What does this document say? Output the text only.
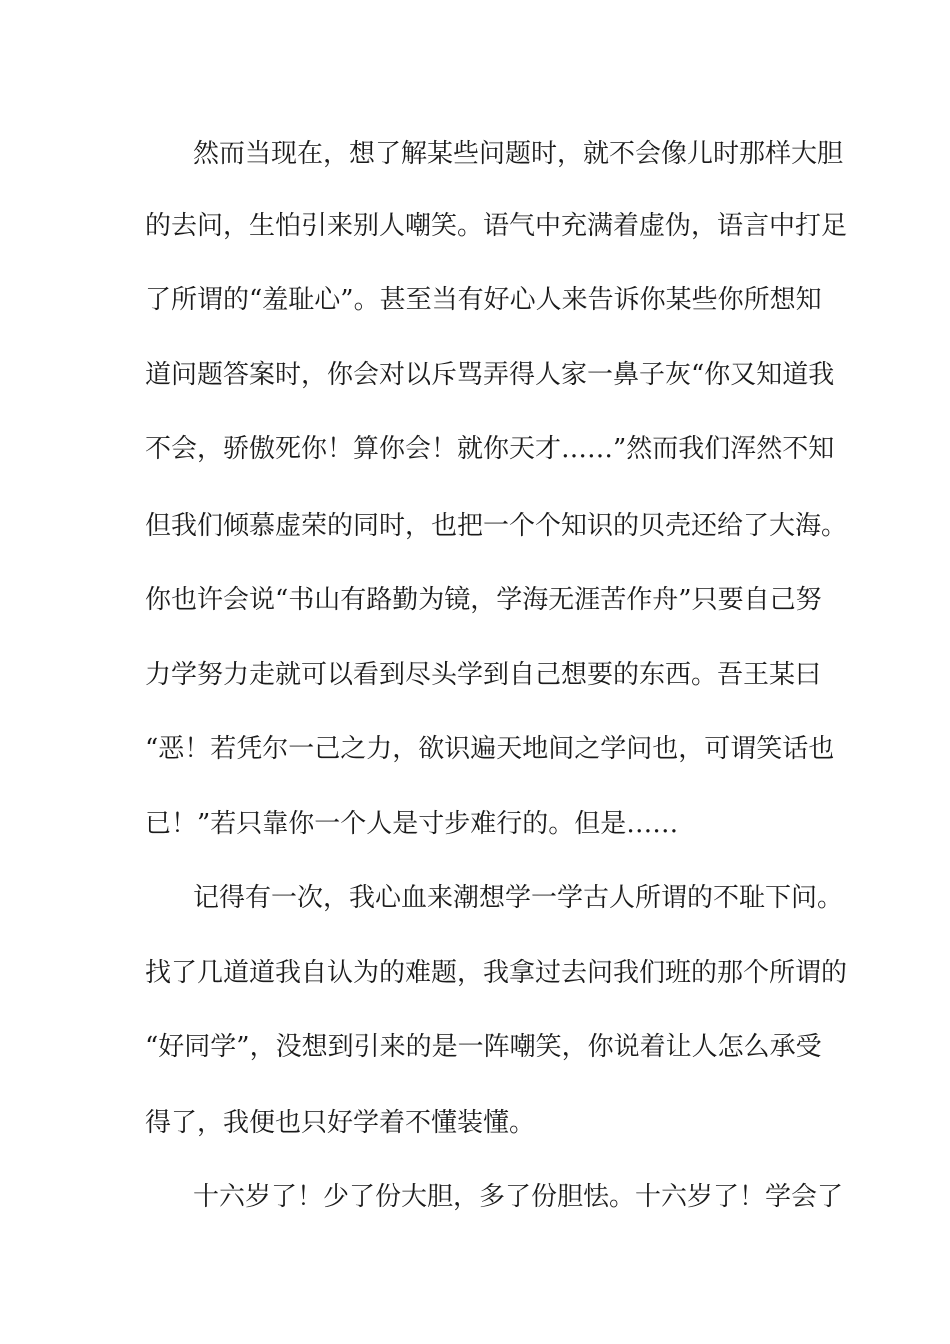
然而当现在，想了解某些问题时，就不会像儿时那样大胆
的去问，生怕引来别人嘲笑。语气中充满着虚伪，语言中打足
了所谓的“羞耻心”。甚至当有好心人来告诉你某些你所想知
道问题答案时，你会对以斥骂弄得人家一鼻子灰“你又知道我
不会，骄傲死你！算你会！就你天才……”然而我们浑然不知
但我们倾慕虚荣的同时，也把一个个知识的贝壳还给了大海。
你也许会说“书山有路勤为镜，学海无涯苦作舟”只要自己努
力学努力走就可以看到尽头学到自己想要的东西。吾王某曰
“恶！若凭尔一己之力，欲识遍天地间之学问也，可谓笑话也
已！”若只靠你一个人是寸步难行的。但是……
记得有一次，我心血来潮想学一学古人所谓的不耻下问。
找了几道道我自认为的难题，我拿过去问我们班的那个所谓的
“好同学”，没想到引来的是一阵嘲笑，你说着让人怎么承受
得了，我便也只好学着不懂装懂。
十六岁了！少了份大胆，多了份胆怯。十六岁了！学会了
